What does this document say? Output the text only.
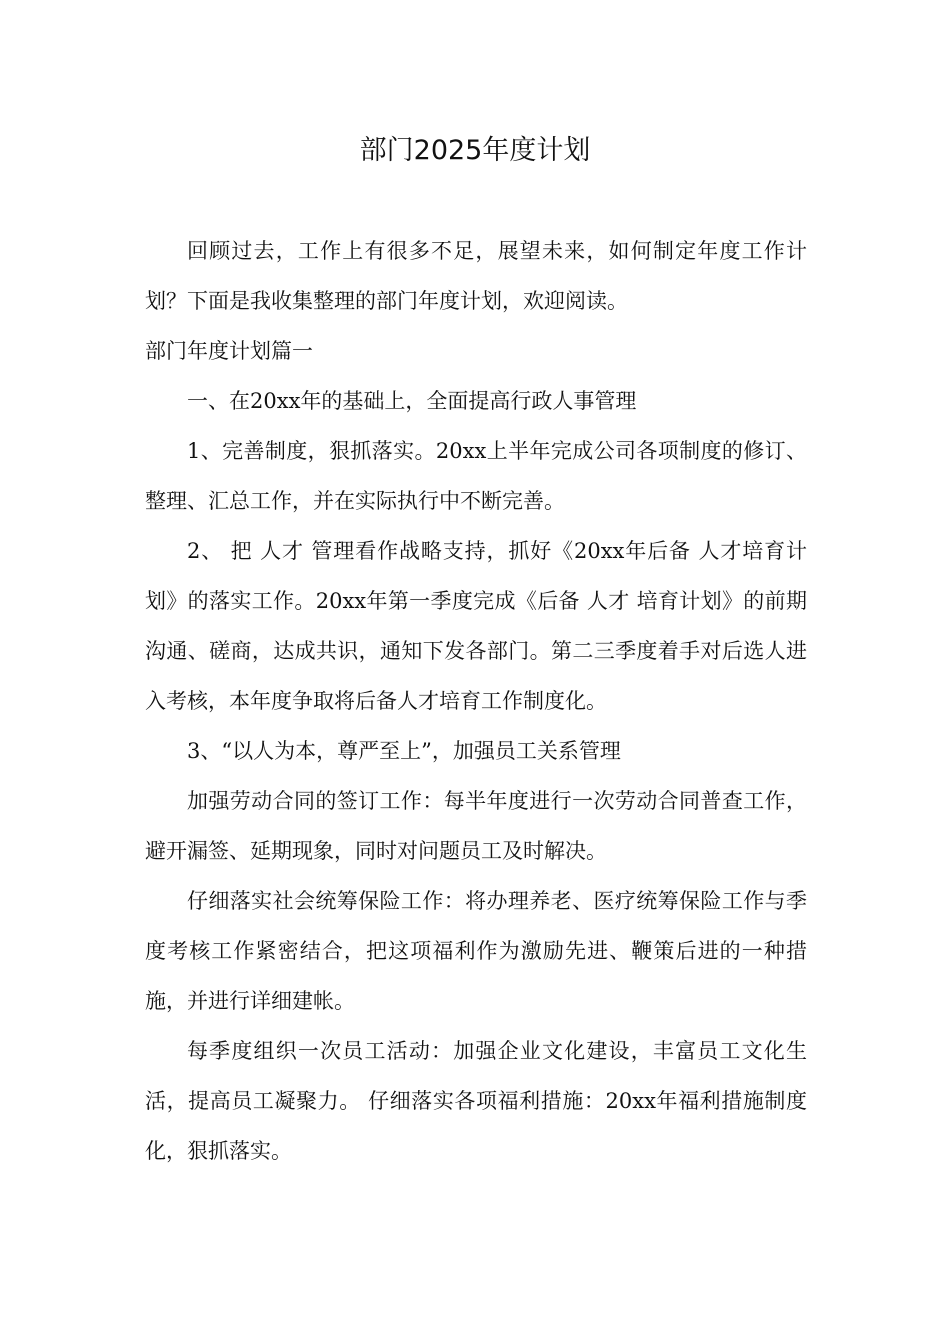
部门2025年度计划

回顾过去，工作上有很多不足，展望未来，如何制定年度工作计划？下面是我收集整理的部门年度计划，欢迎阅读。

部门年度计划篇一

一、在20xx年的基础上，全面提高行政人事管理

1、完善制度，狠抓落实。20xx上半年完成公司各项制度的修订、整理、汇总工作，并在实际执行中不断完善。

2、 把 人才 管理看作战略支持，抓好《20xx年后备 人才培育计划》的落实工作。20xx年第一季度完成《后备 人才 培育计划》的前期沟通、磋商，达成共识，通知下发各部门。第二三季度着手对后选人进入考核，本年度争取将后备人才培育工作制度化。

3、“以人为本，尊严至上”，加强员工关系管理

加强劳动合同的签订工作：每半年度进行一次劳动合同普查工作，避开漏签、延期现象，同时对问题员工及时解决。

仔细落实社会统筹保险工作：将办理养老、医疗统筹保险工作与季度考核工作紧密结合，把这项福利作为激励先进、鞭策后进的一种措施，并进行详细建帐。

每季度组织一次员工活动：加强企业文化建设，丰富员工文化生活，提高员工凝聚力。 仔细落实各项福利措施：20xx年福利措施制度化，狠抓落实。
